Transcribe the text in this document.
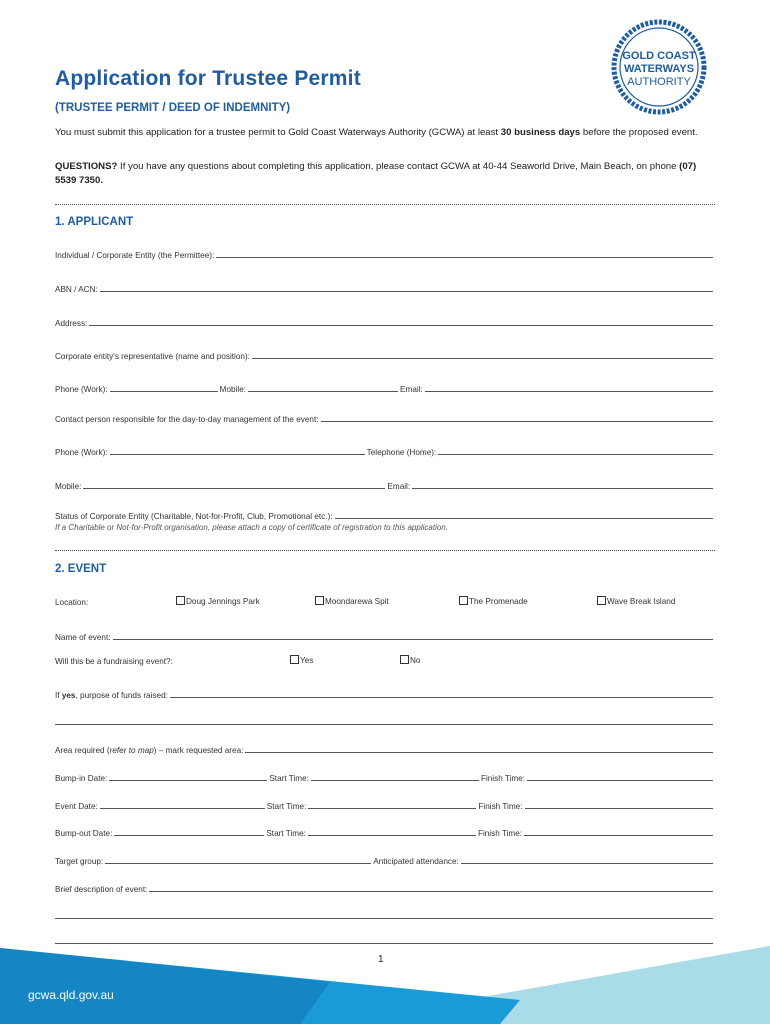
GOLD COAST
WATERWAYS
AUTHORITY
Application for Trustee Permit
(TRUSTEE PERMIT / DEED OF INDEMNITY)
You must submit this application for a trustee permit to Gold Coast Waterways Authority (GCWA) at least 30 business days before the proposed event.
QUESTIONS? If you have any questions about completing this application, please contact GCWA at 40-44 Seaworld Drive, Main Beach, on phone (07) 5539 7350.
1. APPLICANT
Individual / Corporate Entity (the Permittee):
ABN / ACN:
Address:
Corporate entity's representative (name and position):
Phone (Work):	Mobile:	Email:
Contact person responsible for the day-to-day management of the event:
Phone (Work):	Telephone (Home):
Mobile:	Email:
Status of Corporate Entity (Charitable, Not-for-Profit, Club, Promotional etc.):
If a Charitable or Not-for-Profit organisation, please attach a copy of certificate of registration to this application.
2. EVENT
Location:	Doug Jennings Park	Moondarewa Spit	The Promenade	Wave Break Island
Name of event:
Will this be a fundraising event?:	Yes	No
If yes, purpose of funds raised:
Area required (refer to map) – mark requested area:
Bump-in Date:	Start Time:	Finish Time:
Event Date:	Start Time:	Finish Time:
Bump-out Date:	Start Time:	Finish Time:
Target group:	Anticipated attendance:
Brief description of event:
1
gcwa.qld.gov.au
